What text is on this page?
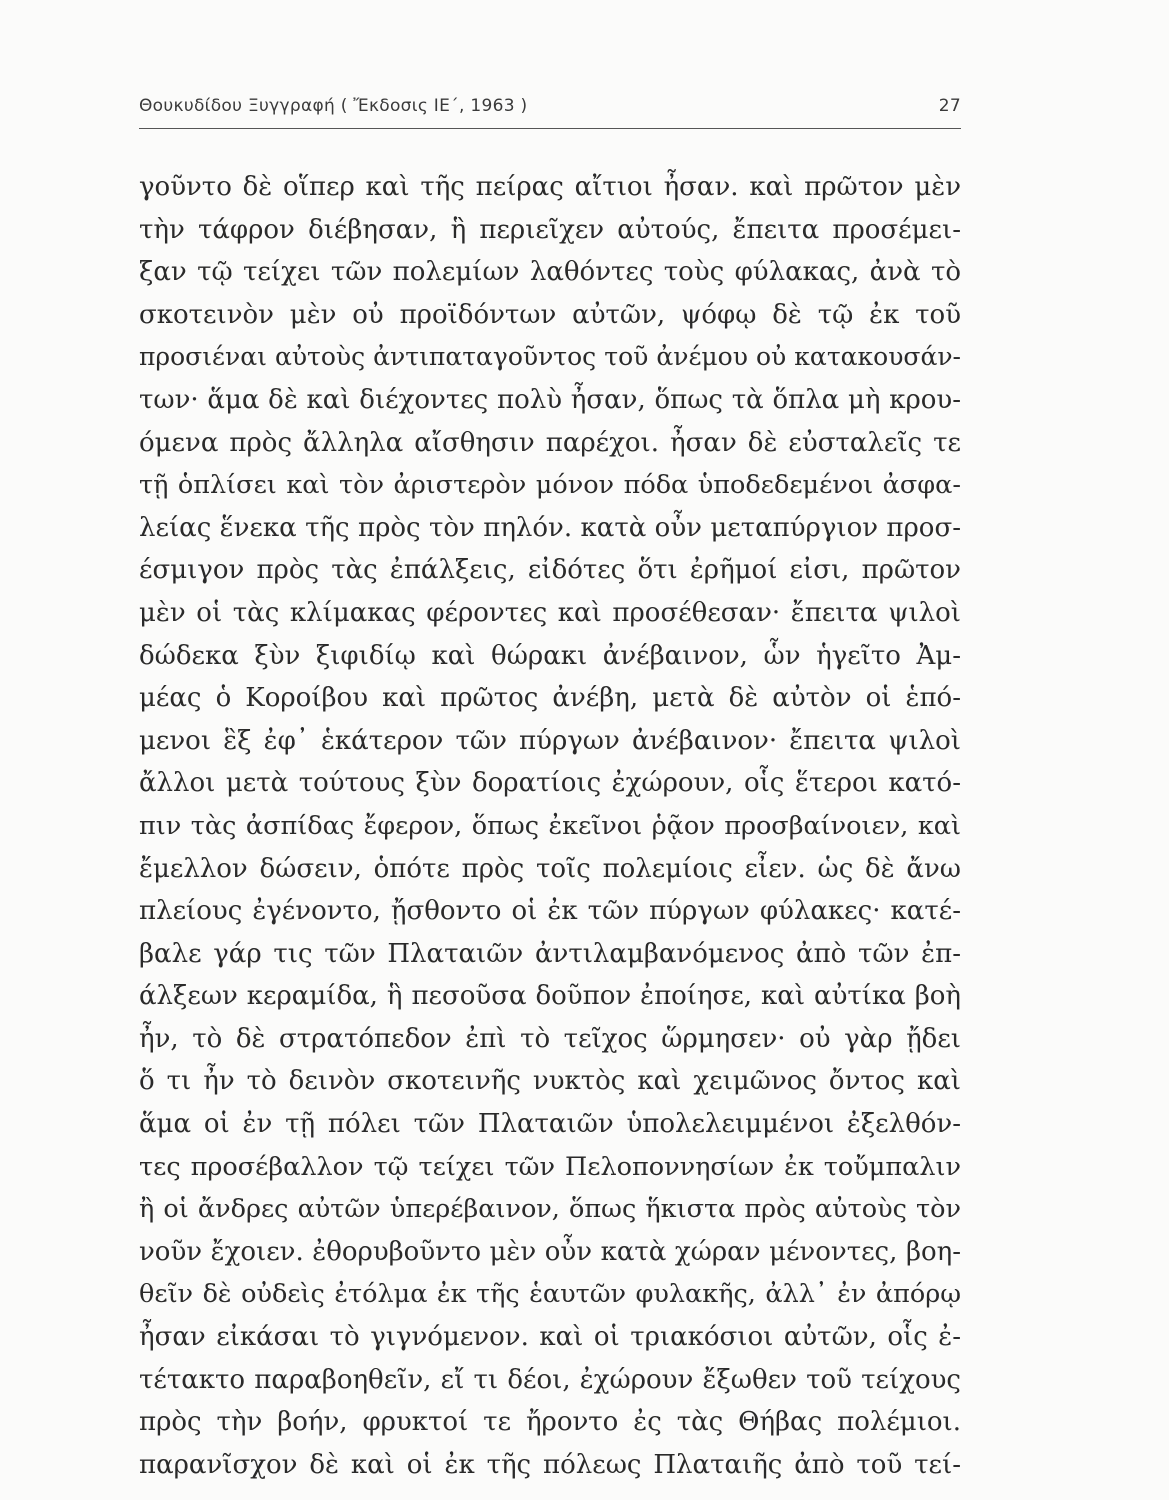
Θουκυδίδου Ξυγγραφή ( Ἔκδοσις ΙΕ΄, 1963 )	27
γοῦντο δὲ οἵπερ καὶ τῆς πείρας αἴτιοι ἦσαν. καὶ πρῶτον μὲν
τὴν τάφρον διέβησαν, ἣ περιεῖχεν αὐτούς, ἔπειτα προσέμει-
ξαν τῷ τείχει τῶν πολεμίων λαθόντες τοὺς φύλακας, ἀνὰ τὸ
σκοτεινὸν μὲν οὐ προϊδόντων αὐτῶν, ψόφῳ δὲ τῷ ἐκ τοῦ
προσιέναι αὐτοὺς ἀντιπαταγοῦντος τοῦ ἀνέμου οὐ κατακουσάν-
των· ἅμα δὲ καὶ διέχοντες πολὺ ἦσαν, ὅπως τὰ ὅπλα μὴ κρου-
όμενα πρὸς ἄλληλα αἴσθησιν παρέχοι. ἦσαν δὲ εὐσταλεῖς τε
τῇ ὁπλίσει καὶ τὸν ἀριστερὸν μόνον πόδα ὑποδεδεμένοι ἀσφα-
λείας ἕνεκα τῆς πρὸς τὸν πηλόν. κατὰ οὖν μεταπύργιον προσ-
έσμιγον πρὸς τὰς ἐπάλξεις, εἰδότες ὅτι ἐρῆμοί εἰσι, πρῶτον
μὲν οἱ τὰς κλίμακας φέροντες καὶ προσέθεσαν· ἔπειτα ψιλοὶ
δώδεκα ξὺν ξιφιδίῳ καὶ θώρακι ἀνέβαινον, ὧν ἡγεῖτο Ἀμ-
μέας ὁ Κοροίβου καὶ πρῶτος ἀνέβη, μετὰ δὲ αὐτὸν οἱ ἑπό-
μενοι ἓξ ἐφ᾽ ἑκάτερον τῶν πύργων ἀνέβαινον· ἔπειτα ψιλοὶ
ἄλλοι μετὰ τούτους ξὺν δορατίοις ἐχώρουν, οἷς ἕτεροι κατό-
πιν τὰς ἀσπίδας ἔφερον, ὅπως ἐκεῖνοι ῥᾷον προσβαίνοιεν, καὶ
ἔμελλον δώσειν, ὁπότε πρὸς τοῖς πολεμίοις εἶεν. ὡς δὲ ἄνω
πλείους ἐγένοντο, ᾔσθοντο οἱ ἐκ τῶν πύργων φύλακες· κατέ-
βαλε γάρ τις τῶν Πλαταιῶν ἀντιλαμβανόμενος ἀπὸ τῶν ἐπ-
άλξεων κεραμίδα, ἣ πεσοῦσα δοῦπον ἐποίησε, καὶ αὐτίκα βοὴ
ἦν, τὸ δὲ στρατόπεδον ἐπὶ τὸ τεῖχος ὥρμησεν· οὐ γὰρ ᾔδει
ὅ τι ἦν τὸ δεινὸν σκοτεινῆς νυκτὸς καὶ χειμῶνος ὄντος καὶ
ἅμα οἱ ἐν τῇ πόλει τῶν Πλαταιῶν ὑπολελειμμένοι ἐξελθόν-
τες προσέβαλλον τῷ τείχει τῶν Πελοποννησίων ἐκ τοὔμπαλιν
ἢ οἱ ἄνδρες αὐτῶν ὑπερέβαινον, ὅπως ἥκιστα πρὸς αὐτοὺς τὸν
νοῦν ἔχοιεν. ἐθορυβοῦντο μὲν οὖν κατὰ χώραν μένοντες, βοη-
θεῖν δὲ οὐδεὶς ἐτόλμα ἐκ τῆς ἑαυτῶν φυλακῆς, ἀλλ᾽ ἐν ἀπόρῳ
ἦσαν εἰκάσαι τὸ γιγνόμενον. καὶ οἱ τριακόσιοι αὐτῶν, οἷς ἐ-
τέτακτο παραβοηθεῖν, εἴ τι δέοι, ἐχώρουν ἔξωθεν τοῦ τείχους
πρὸς τὴν βοήν, φρυκτοί τε ἤροντο ἐς τὰς Θήβας πολέμιοι.
παρανῖσχον δὲ καὶ οἱ ἐκ τῆς πόλεως Πλαταιῆς ἀπὸ τοῦ τεί-
